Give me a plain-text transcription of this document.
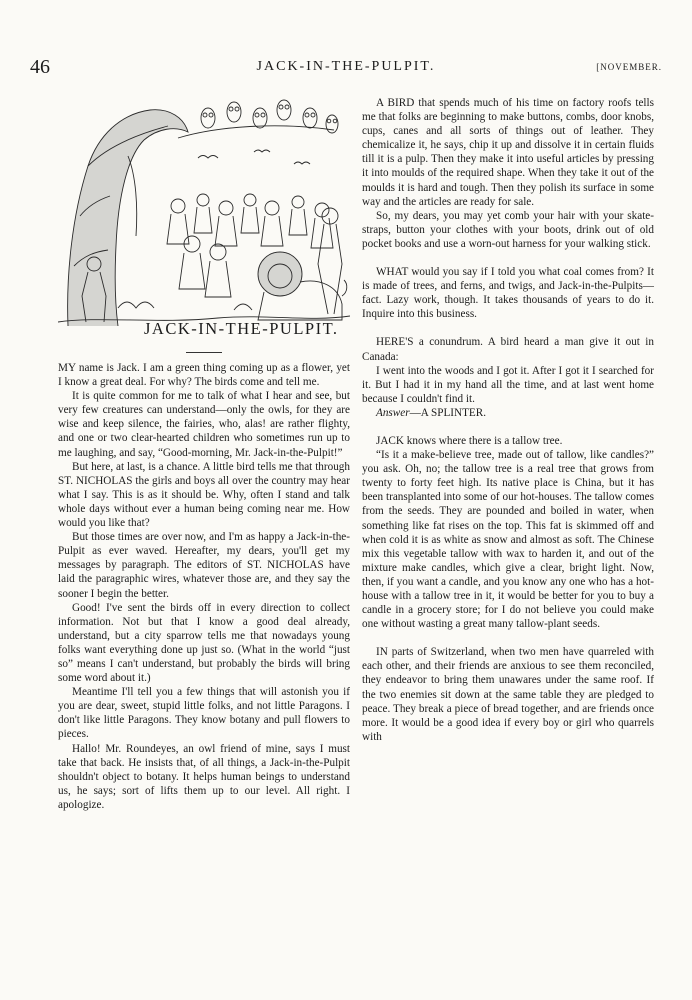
46	JACK-IN-THE-PULPIT.	[NOVEMBER.
JACK-IN-THE-PULPIT.

MY name is Jack. I am a green thing coming up as a flower, yet I know a great deal. For why? The birds come and tell me.

It is quite common for me to talk of what I hear and see, but very few creatures can understand—only the owls, for they are wise and keep silence, the fairies, who, alas! are rather flighty, and one or two clear-hearted children who sometimes run up to me laughing, and say, “Good-morning, Mr. Jack-in-the-Pulpit!”

But here, at last, is a chance. A little bird tells me that through ST. NICHOLAS the girls and boys all over the country may hear what I say. This is as it should be. Why, often I stand and talk whole days without ever a human being coming near me. How would you like that?

But those times are over now, and I'm as happy a Jack-in-the-Pulpit as ever waved. Hereafter, my dears, you'll get my messages by paragraph. The editors of ST. NICHOLAS have laid the paragraphic wires, whatever those are, and they say the sooner I begin the better.

Good! I've sent the birds off in every direction to collect information. Not but that I know a good deal already, understand, but a city sparrow tells me that nowadays young folks want everything done up just so. (What in the world “just so” means I can't understand, but probably the birds will bring some word about it.)

Meantime I'll tell you a few things that will astonish you if you are dear, sweet, stupid little folks, and not little Paragons. I don't like little Paragons. They know botany and pull flowers to pieces.

Hallo! Mr. Roundeyes, an owl friend of mine, says I must take that back. He insists that, of all things, a Jack-in-the-Pulpit shouldn't object to botany. It helps human beings to understand us, he says; sort of lifts them up to our level. All right. I apologize.

A BIRD that spends much of his time on factory roofs tells me that folks are beginning to make buttons, combs, door knobs, cups, canes and all sorts of things out of leather. They chemicalize it, he says, chip it up and dissolve it in certain fluids till it is a pulp. Then they make it into useful articles by pressing it into moulds of the required shape. When they take it out of the moulds it is hard and tough. Then they polish its surface in some way and the articles are ready for sale.

So, my dears, you may yet comb your hair with your skate-straps, button your clothes with your boots, drink out of old pocket books and use a worn-out harness for your walking stick.

WHAT would you say if I told you what coal comes from? It is made of trees, and ferns, and twigs, and Jack-in-the-Pulpits—fact. Lazy work, though. It takes thousands of years to do it. Inquire into this business.

HERE'S a conundrum. A bird heard a man give it out in Canada:

I went into the woods and I got it. After I got it I searched for it. But I had it in my hand all the time, and at last went home because I couldn't find it.

Answer—A SPLINTER.

JACK knows where there is a tallow tree.

“Is it a make-believe tree, made out of tallow, like candles?” you ask. Oh, no; the tallow tree is a real tree that grows from twenty to forty feet high. Its native place is China, but it has been transplanted into some of our hot-houses. The tallow comes from the seeds. They are pounded and boiled in water, when something like fat rises on the top. This fat is skimmed off and when cold it is as white as snow and almost as soft. The Chinese mix this vegetable tallow with wax to harden it, and out of the mixture make candles, which give a clear, bright light. Now, then, if you want a candle, and you know any one who has a hot-house with a tallow tree in it, it would be better for you to buy a candle in a grocery store; for I do not believe you could make one without wasting a great many tallow-plant seeds.

IN parts of Switzerland, when two men have quarreled with each other, and their friends are anxious to see them reconciled, they endeavor to bring them unawares under the same roof. If the two enemies sit down at the same table they are pledged to peace. They break a piece of bread together, and are friends once more. It would be a good idea if every boy or girl who quarrels with
